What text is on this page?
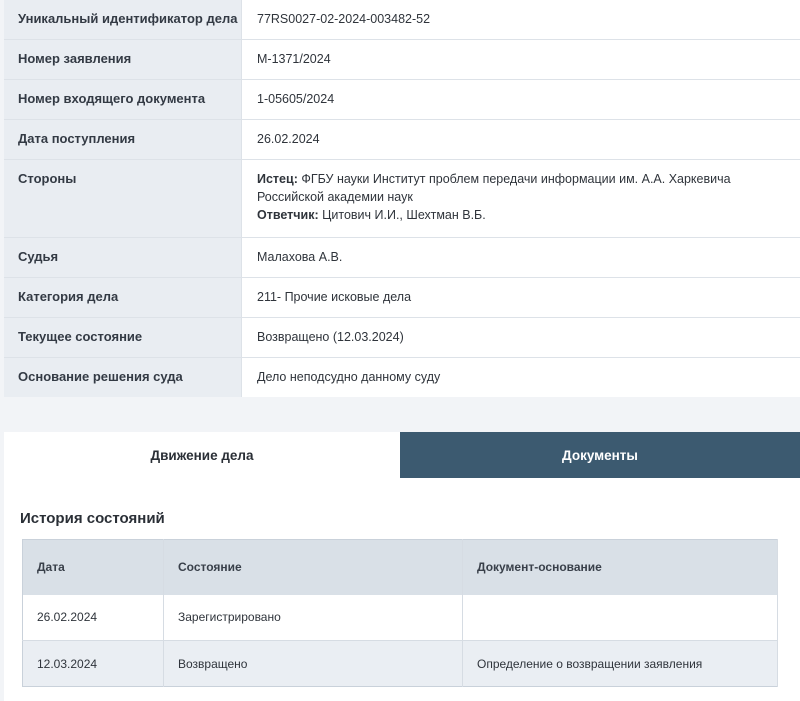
Уникальный идентификатор дела 77RS0027-02-2024-003482-52
Номер заявления	М-1371/2024
Номер входящего документа	1-05605/2024
Дата поступления	26.02.2024
Стороны	Истец: ФГБУ науки Институт проблем передачи информации им. А.А. Харкевича
Российской академии наук
Ответчик: Цитович И.И., Шехтман В.Б.
Судья	Малахова А.В.
Категория дела	211- Прочие исковые дела
Текущее состояние	Возвращено (12.03.2024)
Основание решения суда	Дело неподсудно данному суду
Движение дела	Документы
История состояний
Дата	Состояние	Документ-основание
26.02.2024	Зарегистрировано	
12.03.2024	Возвращено	Определение о возвращении заявления
